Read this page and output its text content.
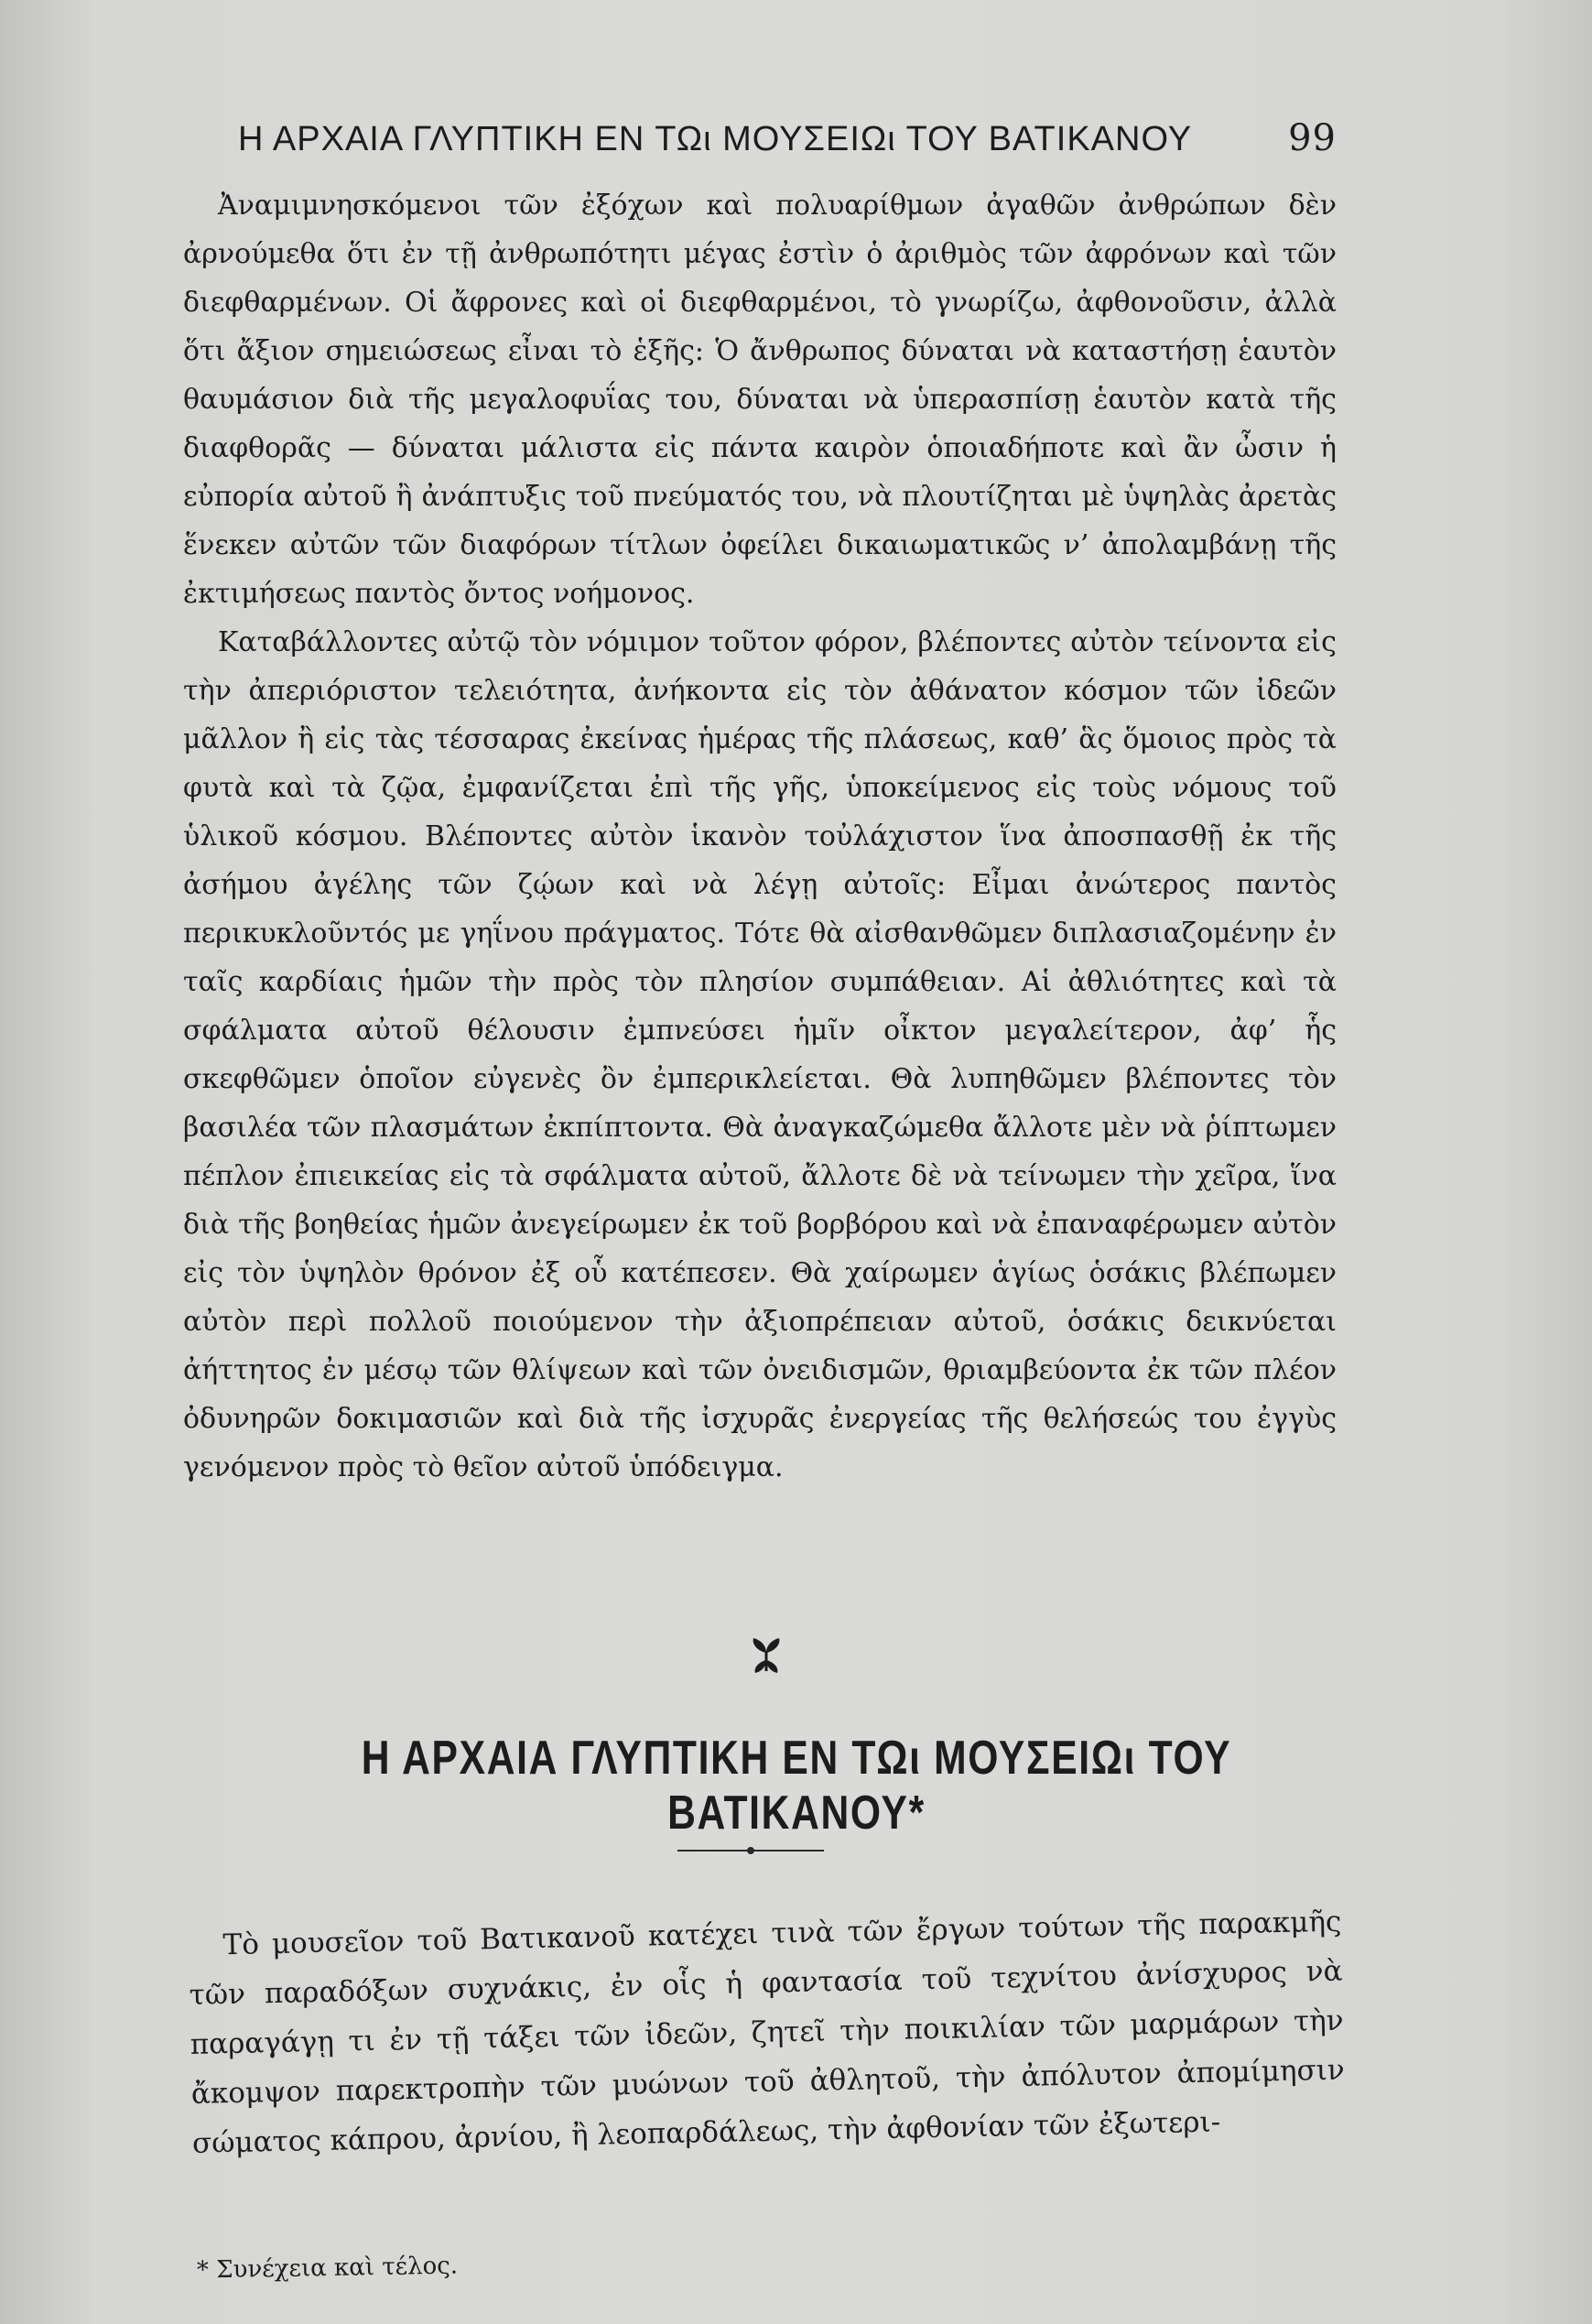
Η ΑΡΧΑΙΑ ΓΛΥΠΤΙΚΗ ΕΝ ΤΩι ΜΟΥΣΕΙΩι ΤΟΥ ΒΑΤΙΚΑΝΟΥ	99

Ἀναμιμνησκόμενοι τῶν ἐξόχων καὶ πολυαρίθμων ἀγαθῶν ἀνθρώπων δὲν ἀρνούμεθα ὅτι ἐν τῇ ἀνθρωπότητι μέγας ἐστὶν ὁ ἀριθμὸς τῶν ἀφρόνων καὶ τῶν διεφθαρμένων. Οἱ ἄφρονες καὶ οἱ διεφθαρμένοι, τὸ γνωρίζω, ἀφθονοῦσιν, ἀλλὰ ὅτι ἄξιον σημειώσεως εἶναι τὸ ἑξῆς: Ὁ ἄνθρωπος δύναται νὰ καταστήσῃ ἑαυτὸν θαυμάσιον διὰ τῆς μεγαλοφυΐας του, δύναται νὰ ὑπερασπίσῃ ἑαυτὸν κατὰ τῆς διαφθορᾶς — δύναται μάλιστα εἰς πάντα καιρὸν ὁποιαδήποτε καὶ ἂν ὦσιν ἡ εὐπορία αὐτοῦ ἢ ἀνάπτυξις τοῦ πνεύματός του, νὰ πλουτίζηται μὲ ὑψηλὰς ἀρετὰς ἕνεκεν αὐτῶν τῶν διαφόρων τίτλων ὀφείλει δικαιωματικῶς ν’ ἀπολαμβάνῃ τῆς ἐκτιμήσεως παντὸς ὄντος νοήμονος.

Καταβάλλοντες αὐτῷ τὸν νόμιμον τοῦτον φόρον, βλέποντες αὐτὸν τείνοντα εἰς τὴν ἀπεριόριστον τελειότητα, ἀνήκοντα εἰς τὸν ἀθάνατον κόσμον τῶν ἰδεῶν μᾶλλον ἢ εἰς τὰς τέσσαρας ἐκείνας ἡμέρας τῆς πλάσεως, καθ’ ἃς ὅμοιος πρὸς τὰ φυτὰ καὶ τὰ ζῷα, ἐμφανίζεται ἐπὶ τῆς γῆς, ὑποκείμενος εἰς τοὺς νόμους τοῦ ὑλικοῦ κόσμου. Βλέποντες αὐτὸν ἱκανὸν τοὐλάχιστον ἵνα ἀποσπασθῇ ἐκ τῆς ἀσήμου ἀγέλης τῶν ζῴων καὶ νὰ λέγῃ αὐτοῖς: Εἶμαι ἀνώτερος παντὸς περικυκλοῦντός με γηΐνου πράγματος. Τότε θὰ αἰσθανθῶμεν διπλασιαζομένην ἐν ταῖς καρδίαις ἡμῶν τὴν πρὸς τὸν πλησίον συμπάθειαν. Αἱ ἀθλιότητες καὶ τὰ σφάλματα αὐτοῦ θέλουσιν ἐμπνεύσει ἡμῖν οἶκτον μεγαλείτερον, ἀφ’ ἧς σκεφθῶμεν ὁποῖον εὐγενὲς ὂν ἐμπερικλείεται. Θὰ λυπηθῶμεν βλέποντες τὸν βασιλέα τῶν πλασμάτων ἐκπίπτοντα. Θὰ ἀναγκαζώμεθα ἄλλοτε μὲν νὰ ῥίπτωμεν πέπλον ἐπιεικείας εἰς τὰ σφάλματα αὐτοῦ, ἄλλοτε δὲ νὰ τείνωμεν τὴν χεῖρα, ἵνα διὰ τῆς βοηθείας ἡμῶν ἀνεγείρωμεν ἐκ τοῦ βορβόρου καὶ νὰ ἐπαναφέρωμεν αὐτὸν εἰς τὸν ὑψηλὸν θρόνον ἐξ οὗ κατέπεσεν. Θὰ χαίρωμεν ἁγίως ὁσάκις βλέπωμεν αὐτὸν περὶ πολλοῦ ποιούμενον τὴν ἀξιοπρέπειαν αὐτοῦ, ὁσάκις δεικνύεται ἀήττητος ἐν μέσῳ τῶν θλίψεων καὶ τῶν ὀνειδισμῶν, θριαμβεύοντα ἐκ τῶν πλέον ὀδυνηρῶν δοκιμασιῶν καὶ διὰ τῆς ἰσχυρᾶς ἐνεργείας τῆς θελήσεώς του ἐγγὺς γενόμενον πρὸς τὸ θεῖον αὐτοῦ ὑπόδειγμα.

Η ΑΡΧΑΙΑ ΓΛΥΠΤΙΚΗ ΕΝ ΤΩι ΜΟΥΣΕΙΩι ΤΟΥ ΒΑΤΙΚΑΝΟΥ*

Τὸ μουσεῖον τοῦ Βατικανοῦ κατέχει τινὰ τῶν ἔργων τούτων τῆς παρακμῆς τῶν παραδόξων συχνάκις, ἐν οἷς ἡ φαντασία τοῦ τεχνίτου ἀνίσχυρος νὰ παραγάγῃ τι ἐν τῇ τάξει τῶν ἰδεῶν, ζητεῖ τὴν ποικιλίαν τῶν μαρμάρων τὴν ἄκομψον παρεκτροπὴν τῶν μυώνων τοῦ ἀθλητοῦ, τὴν ἀπόλυτον ἀπομίμησιν σώματος κάπρου, ἀρνίου, ἢ λεοπαρδάλεως, τὴν ἀφθονίαν τῶν ἐξωτερι-

* Συνέχεια καὶ τέλος.
